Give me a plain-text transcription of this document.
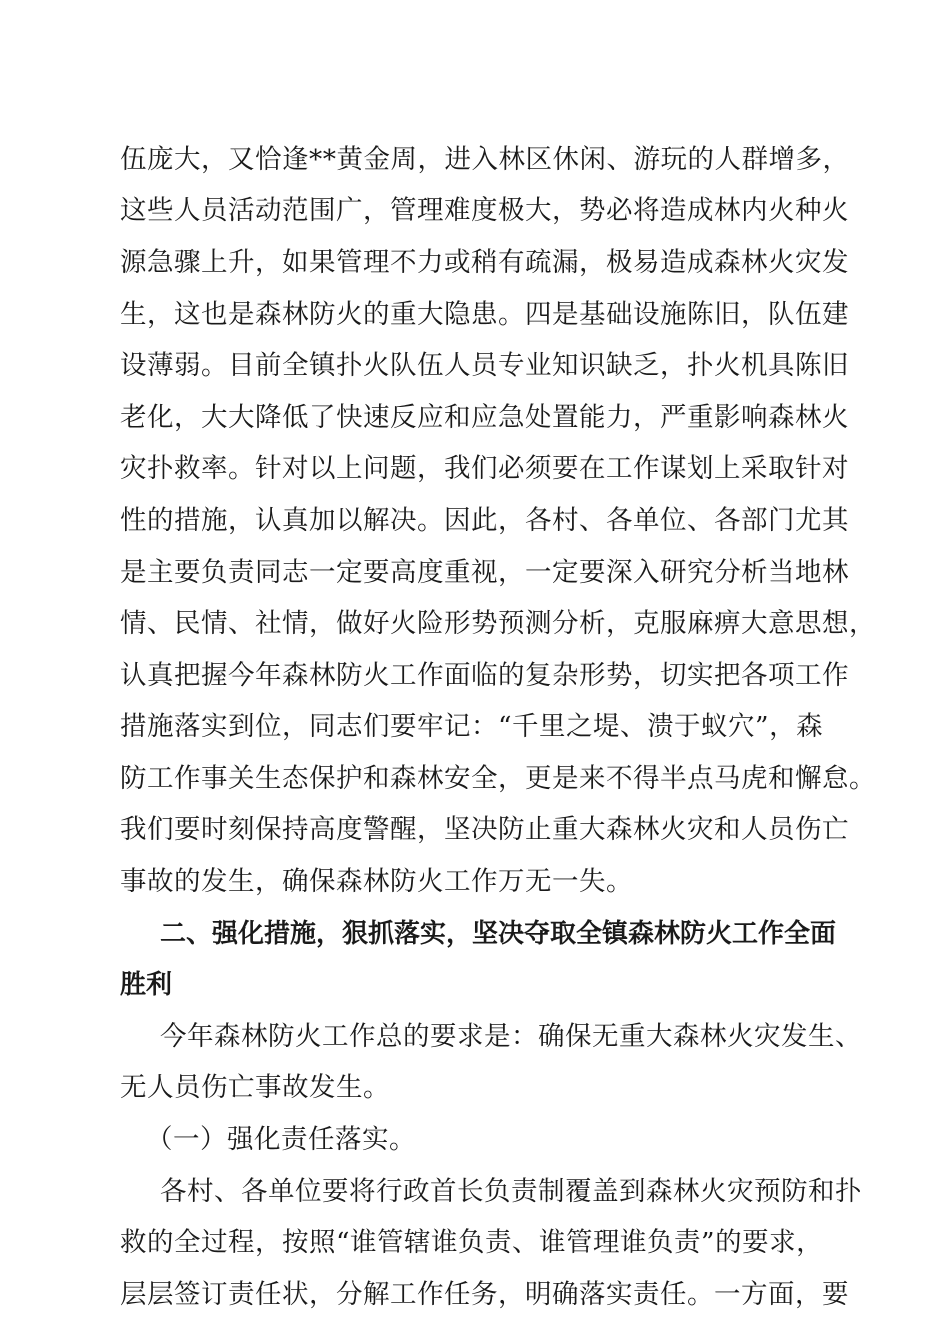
伍庞大，又恰逢**黄金周，进入林区休闲、游玩的人群增多，
这些人员活动范围广，管理难度极大，势必将造成林内火种火
源急骤上升，如果管理不力或稍有疏漏，极易造成森林火灾发
生，这也是森林防火的重大隐患。四是基础设施陈旧，队伍建
设薄弱。目前全镇扑火队伍人员专业知识缺乏，扑火机具陈旧
老化，大大降低了快速反应和应急处置能力，严重影响森林火
灾扑救率。针对以上问题，我们必须要在工作谋划上采取针对
性的措施，认真加以解决。因此，各村、各单位、各部门尤其
是主要负责同志一定要高度重视，一定要深入研究分析当地林
情、民情、社情，做好火险形势预测分析，克服麻痹大意思想，
认真把握今年森林防火工作面临的复杂形势，切实把各项工作
措施落实到位，同志们要牢记：“千里之堤、溃于蚁穴”，森
防工作事关生态保护和森林安全，更是来不得半点马虎和懈怠。
我们要时刻保持高度警醒，坚决防止重大森林火灾和人员伤亡
事故的发生，确保森林防火工作万无一失。
二、强化措施，狠抓落实，坚决夺取全镇森林防火工作全面
胜利
今年森林防火工作总的要求是：确保无重大森林火灾发生、
无人员伤亡事故发生。
（一）强化责任落实。
各村、各单位要将行政首长负责制覆盖到森林火灾预防和扑
救的全过程，按照“谁管辖谁负责、谁管理谁负责”的要求，
层层签订责任状，分解工作任务，明确落实责任。一方面，要
